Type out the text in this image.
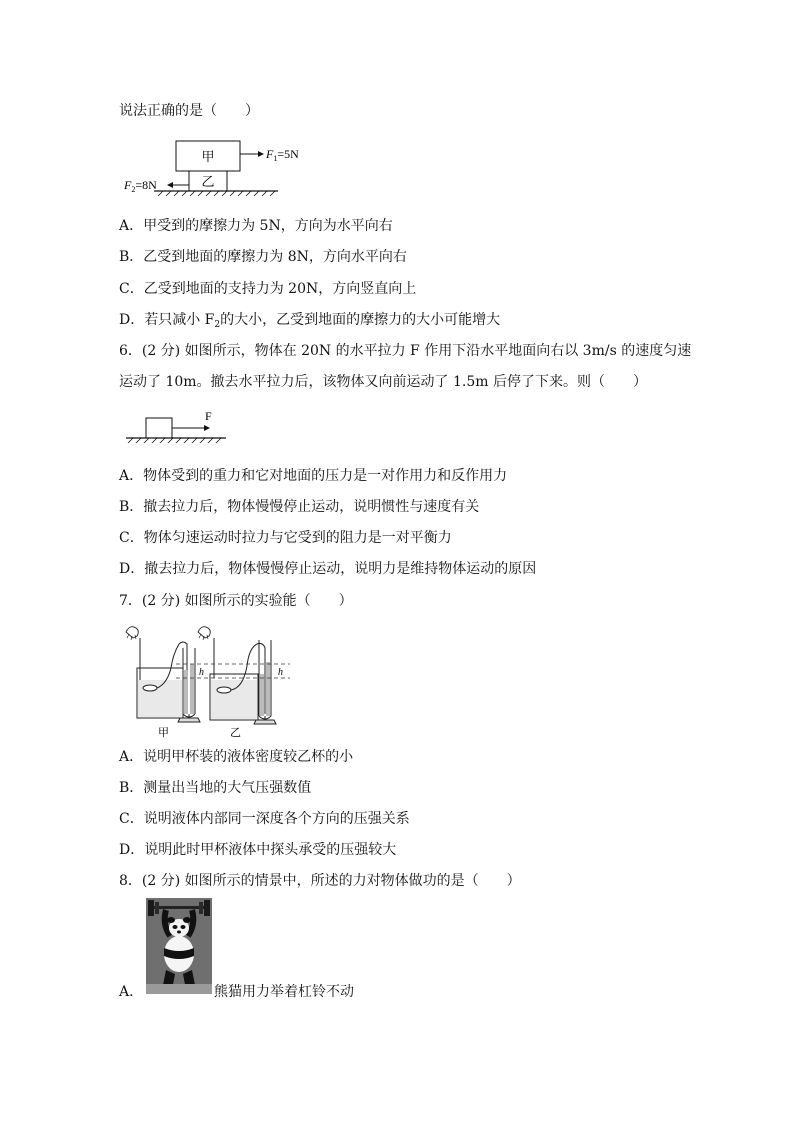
说法正确的是（　　）
甲
乙
$F_1=5N$
$F_2=8N$
A．甲受到的摩擦力为 5N，方向为水平向右
B．乙受到地面的摩擦力为 8N，方向水平向右
C．乙受到地面的支持力为 20N，方向竖直向上
D．若只减小 $F_2$的大小，乙受到地面的摩擦力的大小可能增大
6．(2 分) 如图所示，物体在 20N 的水平拉力 F 作用下沿水平地面向右以 3m/s 的速度匀速
运动了 10m。撤去水平拉力后，该物体又向前运动了 1.5m 后停了下来。则（　　）
F
A．物体受到的重力和它对地面的压力是一对作用力和反作用力
B．撤去拉力后，物体慢慢停止运动，说明惯性与速度有关
C．物体匀速运动时拉力与它受到的阻力是一对平衡力
D．撤去拉力后，物体慢慢停止运动，说明力是维持物体运动的原因
7．(2 分) 如图所示的实验能（　　）
h	h
甲	乙
A．说明甲杯装的液体密度较乙杯的小
B．测量出当地的大气压强数值
C．说明液体内部同一深度各个方向的压强关系
D．说明此时甲杯液体中探头承受的压强较大
8．(2 分) 如图所示的情景中，所述的力对物体做功的是（　　）
A．	熊猫用力举着杠铃不动
